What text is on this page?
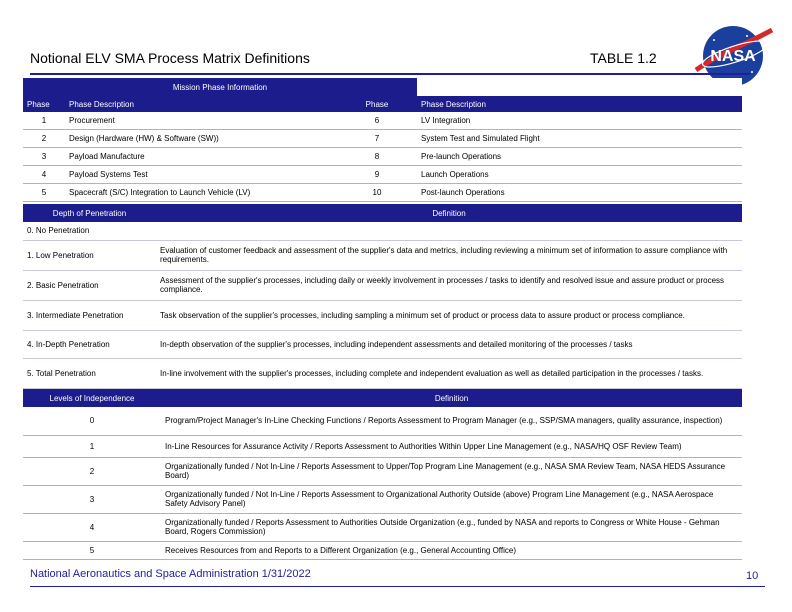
Notional ELV SMA Process Matrix Definitions	TABLE 1.2	NASA
Mission Phase Information				
Phase	Phase Description		Phase	Phase Description
1	Procurement		6	LV Integration
2	Design (Hardware (HW) & Software (SW))		7	System Test and Simulated Flight
3	Payload Manufacture		8	Pre-launch Operations
4	Payload Systems Test		9	Launch Operations
5	Spacecraft (S/C) Integration to Launch Vehicle (LV)		10	Post-launch Operations
Depth of Penetration	Definition
0. No Penetration	
1. Low Penetration	Evaluation of customer feedback and assessment of the supplier's data and metrics, including reviewing a minimum set of information to assure compliance with requirements.
2. Basic Penetration	Assessment of the supplier's processes, including daily or weekly involvement in processes / tasks to identify and resolved issue and assure product or process compliance.
3. Intermediate Penetration	Task observation of the supplier's processes, including sampling a minimum set of product or process data to assure product or process compliance.
4. In-Depth Penetration	In-depth observation of the supplier's processes, including independent assessments and detailed monitoring of the processes / tasks
5. Total Penetration	In-line involvement with the supplier's processes, including complete and independent evaluation as well as detailed participation in the processes / tasks.
Levels of Independence	Definition
0	Program/Project Manager's In-Line Checking Functions / Reports Assessment to Program Manager (e.g., SSP/SMA managers, quality assurance, inspection)
1	In-Line Resources for Assurance Activity / Reports Assessment to Authorities Within Upper Line Management (e.g., NASA/HQ OSF Review Team)
2	Organizationally funded / Not In-Line / Reports Assessment to Upper/Top Program Line Management (e.g., NASA SMA Review Team, NASA HEDS Assurance Board)
3	Organizationally funded / Not In-Line / Reports Assessment to Organizational Authority Outside (above) Program Line Management (e.g., NASA Aerospace Safety Advisory Panel)
4	Organizationally funded / Reports Assessment to Authorities Outside Organization (e.g., funded by NASA and reports to Congress or White House - Gehman Board, Rogers Commission)
5	Receives Resources from and Reports to a Different Organization (e.g., General Accounting Office)
National Aeronautics and Space Administration 1/31/2022	10
